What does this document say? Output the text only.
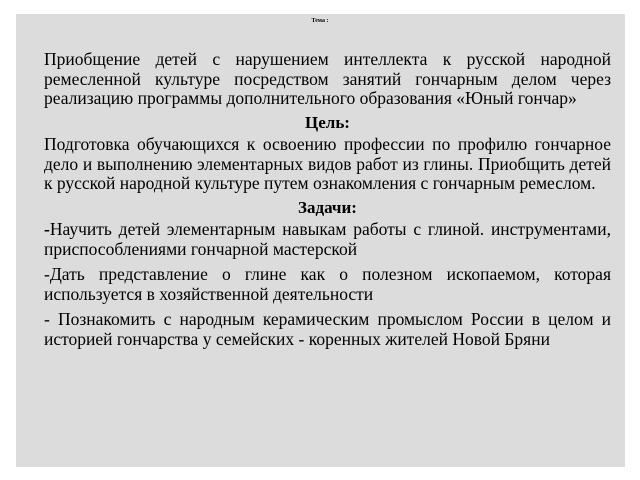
Тема :

Приобщение детей с нарушением интеллекта к русской народной ремесленной культуре посредством занятий гончарным делом через реализацию программы дополнительного образования «Юный гончар»

Цель:

Подготовка обучающихся к освоению профессии по профилю гончарное дело и выполнению элементарных видов работ из глины. Приобщить детей к русской народной культуре путем ознакомления с гончарным ремеслом.

Задачи:

-Научить детей элементарным навыкам работы с глиной. инструментами, приспособлениями гончарной мастерской

-Дать представление о глине как о полезном ископаемом, которая используется в хозяйственной деятельности

- Познакомить с народным керамическим промыслом России в целом и историей гончарства у семейских - коренных жителей Новой Бряни
